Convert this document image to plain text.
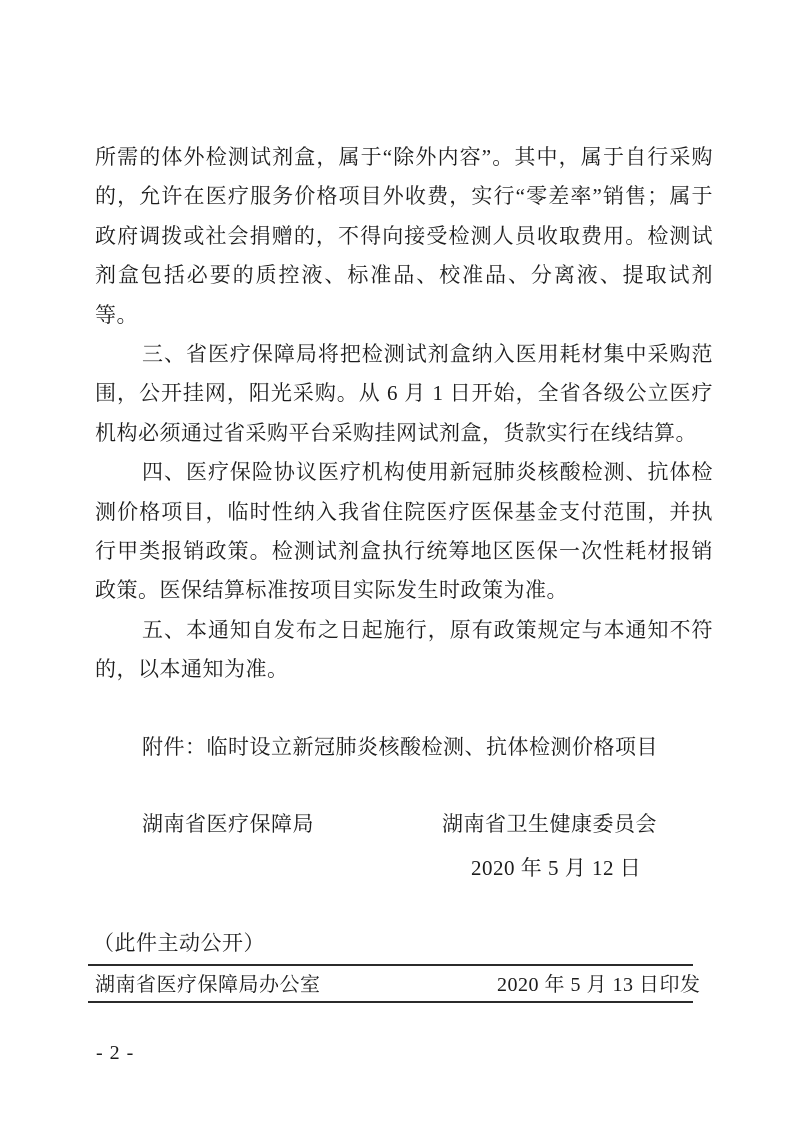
所需的体外检测试剂盒，属于“除外内容”。其中，属于自行采购的，允许在医疗服务价格项目外收费，实行“零差率”销售；属于政府调拨或社会捐赠的，不得向接受检测人员收取费用。检测试剂盒包括必要的质控液、标准品、校准品、分离液、提取试剂等。

三、省医疗保障局将把检测试剂盒纳入医用耗材集中采购范围，公开挂网，阳光采购。从 6 月 1 日开始，全省各级公立医疗机构必须通过省采购平台采购挂网试剂盒，货款实行在线结算。

四、医疗保险协议医疗机构使用新冠肺炎核酸检测、抗体检测价格项目，临时性纳入我省住院医疗医保基金支付范围，并执行甲类报销政策。检测试剂盒执行统筹地区医保一次性耗材报销政策。医保结算标准按项目实际发生时政策为准。

五、本通知自发布之日起施行，原有政策规定与本通知不符的，以本通知为准。

附件：临时设立新冠肺炎核酸检测、抗体检测价格项目

湖南省医疗保障局	湖南省卫生健康委员会
2020 年 5 月 12 日
（此件主动公开）
湖南省医疗保障局办公室	2020 年 5 月 13 日印发
- 2 -
